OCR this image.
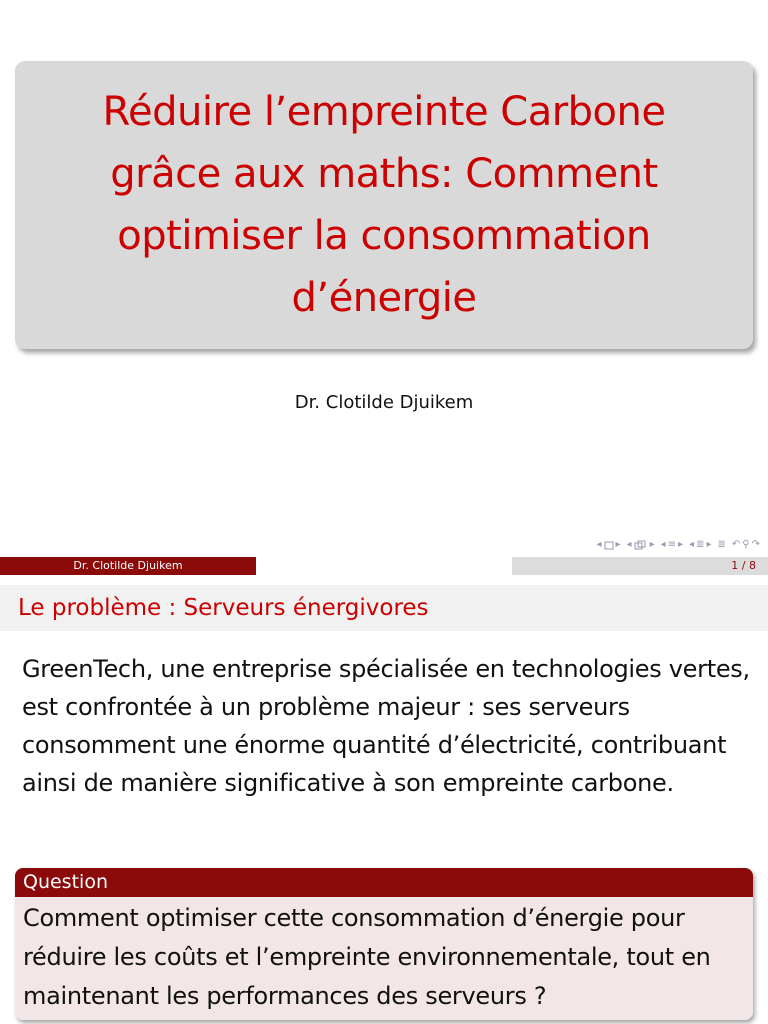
Réduire l’empreinte Carbone grâce aux maths: Comment optimiser la consommation d’énergie
Dr. Clotilde Djuikem
◂ ▸ ◂ ▸ ◂ ≡ ▸ ◂ ≣ ▸ ≣ ↶ ⚲ ↷
Dr. Clotilde Djuikem	1 / 8
Le problème : Serveurs énergivores

GreenTech, une entreprise spécialisée en technologies vertes, est confrontée à un problème majeur : ses serveurs consomment une énorme quantité d’électricité, contribuant ainsi de manière significative à son empreinte carbone.

Question
Comment optimiser cette consommation d’énergie pour réduire les coûts et l’empreinte environnementale, tout en maintenant les performances des serveurs ?
